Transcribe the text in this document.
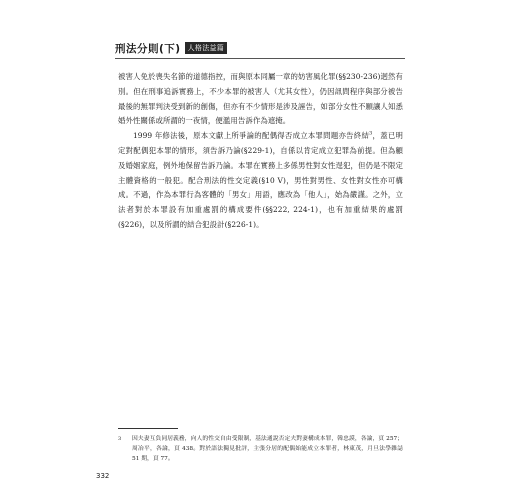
刑法分則(下)	人格法益篇

被害人免於喪失名節的道德指控，而與原本同屬一章的妨害風化罪(§§230-236)迥然有別。但在刑事追訴實務上，不少本罪的被害人（尤其女性），仍因訊問程序與部分被告最後的無罪判決受到新的創傷，但亦有不少情形是涉及誣告，如部分女性不願讓人知悉婚外性關係或所謂的一夜情，便濫用告訴作為遮掩。

1999 年修法後，原本文獻上所爭論的配偶得否成立本罪問題亦告終結$^3$，蓋已明定對配偶犯本罪的情形，須告訴乃論(§229-1)，自係以肯定成立犯罪為前提。但為顧及婚姻家庭，例外地保留告訴乃論。本罪在實務上多係男性對女性逞犯，但仍是不限定主體資格的一般犯。配合刑法的性交定義(§10 V)，男性對男性、女性對女性亦可構成。不過，作為本罪行為客體的「男女」用語，應改為「他人」，始為嚴謹。之外，立法者對於本罪設有加重處罰的構成要件(§§222, 224-1)，也有加重結果的處罰(§226)，以及所謂的結合犯設計(§226-1)。

3	因夫妻互負同居義務，向人的性交自由受限制，基法通說否定夫對妻構成本罪，韓忠謨，各論，頁 257；周冶平，各論，頁 438。對於語法獨見批評，主張分居的配偶始能成立本罪者，林東茂，月旦法學雜誌 51 期，頁 77。
332
